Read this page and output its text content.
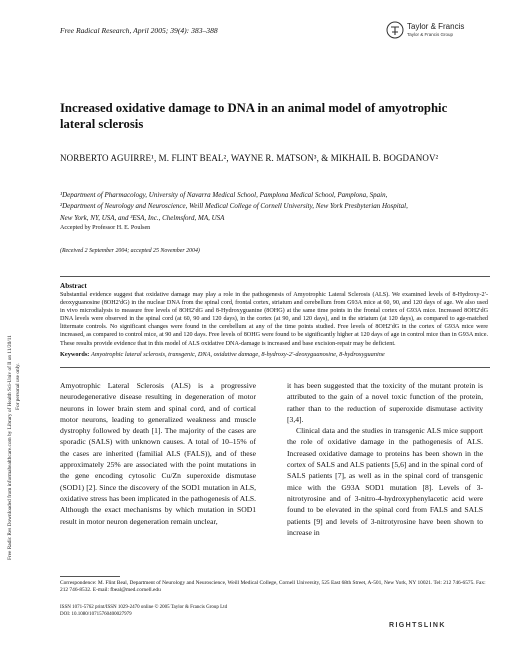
Free Radical Research, April 2005; 39(4): 383–388	Taylor & Francis
Taylor & Francis Group
Free Radic Res Downloaded from informahealthcare.com by Library of Health Sci-Univ of Il on 11/20/11 For personal use only.
Increased oxidative damage to DNA in an animal model of amyotrophic lateral sclerosis
NORBERTO AGUIRRE¹, M. FLINT BEAL², WAYNE R. MATSON³, & MIKHAIL B. BOGDANOV²
¹Department of Pharmacology, University of Navarra Medical School, Pamplona Medical School, Pamplona, Spain,
²Department of Neurology and Neuroscience, Weill Medical College of Cornell University, New York Presbyterian Hospital,
New York, NY, USA, and ³ESA, Inc., Chelmsford, MA, USA
Accepted by Professor H. E. Poulsen
(Received 2 September 2004; accepted 25 November 2004)
Abstract
Substantial evidence suggest that oxidative damage may play a role in the pathogenesis of Amyotrophic Lateral Sclerosis (ALS). We examined levels of 8-Hydroxy-2′-deoxyguanosine (8OH2′dG) in the nuclear DNA from the spinal cord, frontal cortex, striatum and cerebellum from G93A mice at 60, 90, and 120 days of age. We also used in vivo microdialysis to measure free levels of 8OH2′dG and 8-Hydroxyguanine (8OHG) at the same time points in the frontal cortex of G93A mice. Increased 8OH2′dG DNA levels were observed in the spinal cord (at 60, 90 and 120 days), in the cortex (at 90, and 120 days), and in the striatum (at 120 days), as compared to age-matched littermate controls. No significant changes were found in the cerebellum at any of the time points studied. Free levels of 8OH2′dG in the cortex of G93A mice were increased, as compared to control mice, at 90 and 120 days. Free levels of 8OHG were found to be significantly higher at 120 days of age in control mice than in G93A mice. These results provide evidence that in this model of ALS oxidative DNA-damage is increased and base excision-repair may be deficient.
Keywords: Amyotrophic lateral sclerosis, transgenic, DNA, oxidative damage, 8-hydroxy-2′-deoxyguanosine, 8-hydroxyguanine

Amyotrophic Lateral Sclerosis (ALS) is a progressive neurodegenerative disease resulting in degeneration of motor neurons in lower brain stem and spinal cord, and of cortical motor neurons, leading to generalized weakness and muscle dystrophy followed by death [1]. The majority of the cases are sporadic (SALS) with unknown causes. A total of 10–15% of the cases are inherited (familial ALS (FALS)), and of these approximately 25% are associated with the point mutations in the gene encoding cytosolic Cu/Zn superoxide dismutase (SOD1) [2]. Since the discovery of the SOD1 mutation in ALS, oxidative stress has been implicated in the pathogenesis of ALS. Although the exact mechanisms by which mutation in SOD1 result in motor neuron degeneration remain unclear,

it has been suggested that the toxicity of the mutant protein is attributed to the gain of a novel toxic function of the protein, rather than to the reduction of superoxide dismutase activity [3,4].

Clinical data and the studies in transgenic ALS mice support the role of oxidative damage in the pathogenesis of ALS. Increased oxidative damage to proteins has been shown in the cortex of SALS and ALS patients [5,6] and in the spinal cord of SALS patients [7], as well as in the spinal cord of transgenic mice with the G93A SOD1 mutation [8]. Levels of 3-nitrotyrosine and of 3-nitro-4-hydroxyphenylacetic acid were found to be elevated in the spinal cord from FALS and SALS patients [9] and levels of 3-nitrotyrosine have been shown to increase in

Correspondence: M. Flint Beal, Department of Neurology and Neuroscience, Weill Medical College, Cornell University, 525 East 68th Street, A-501, New York, NY 10021. Tel: 212 746-6575. Fax: 212 746-8532. E-mail: fbeal@med.cornell.edu
ISSN 1071-5762 print/ISSN 1029-2470 online © 2005 Taylor & Francis Group Ltd
DOI: 10.1080/10715760400027979
RIGHTSLINK
